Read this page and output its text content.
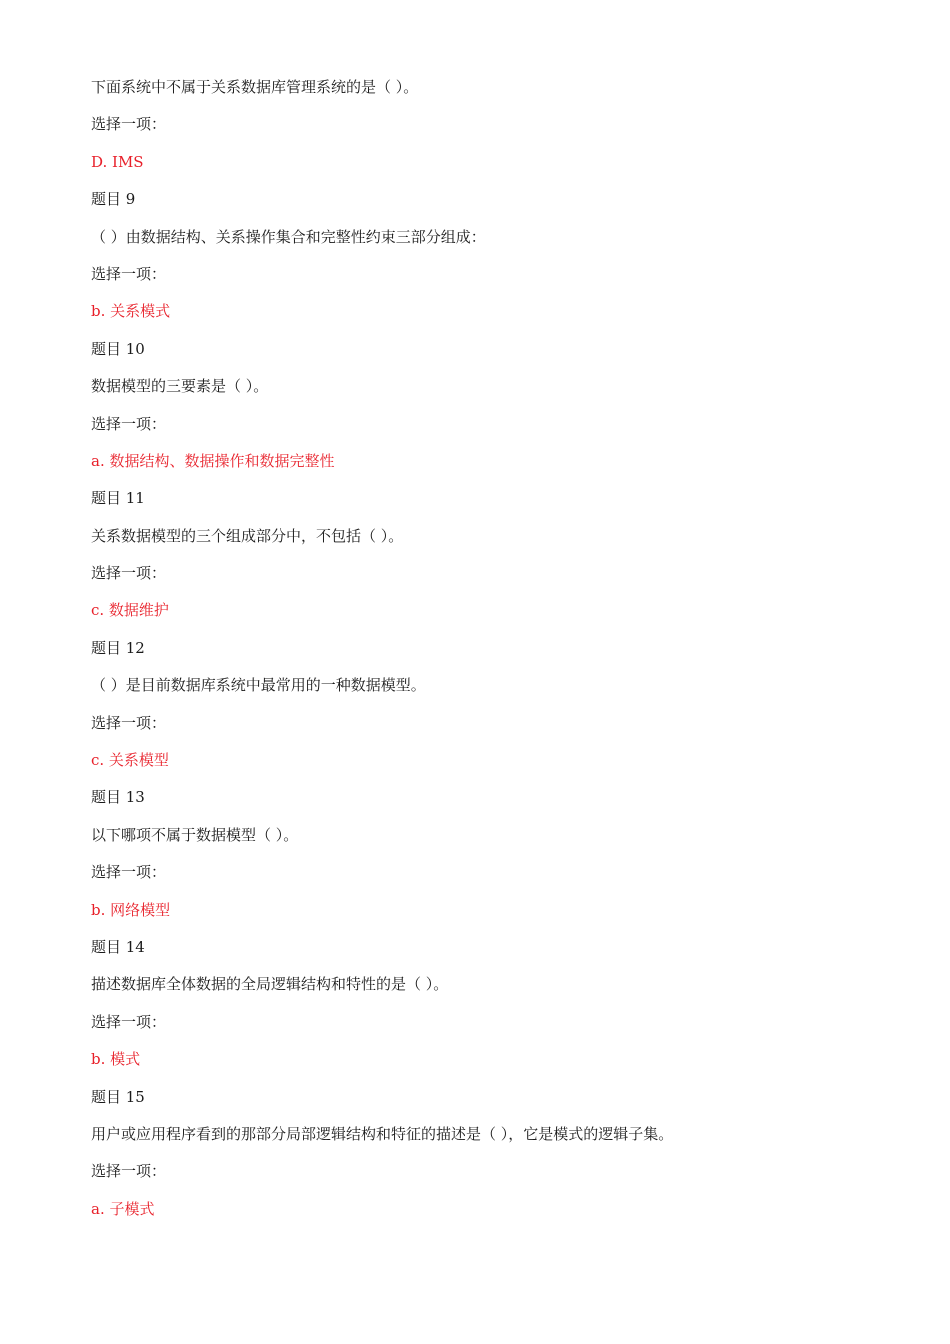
下面系统中不属于关系数据库管理系统的是（ ）。
选择一项：
D. IMS
题目 9
（ ）由数据结构、关系操作集合和完整性约束三部分组成：
选择一项：
b. 关系模式
题目 10
数据模型的三要素是（ ）。
选择一项：
a. 数据结构、数据操作和数据完整性
题目 11
关系数据模型的三个组成部分中，不包括（ ）。
选择一项：
c. 数据维护
题目 12
（ ）是目前数据库系统中最常用的一种数据模型。
选择一项：
c. 关系模型
题目 13
以下哪项不属于数据模型（ ）。
选择一项：
b. 网络模型
题目 14
描述数据库全体数据的全局逻辑结构和特性的是（ ）。
选择一项：
b. 模式
题目 15
用户或应用程序看到的那部分局部逻辑结构和特征的描述是（ ），它是模式的逻辑子集。
选择一项：
a. 子模式
